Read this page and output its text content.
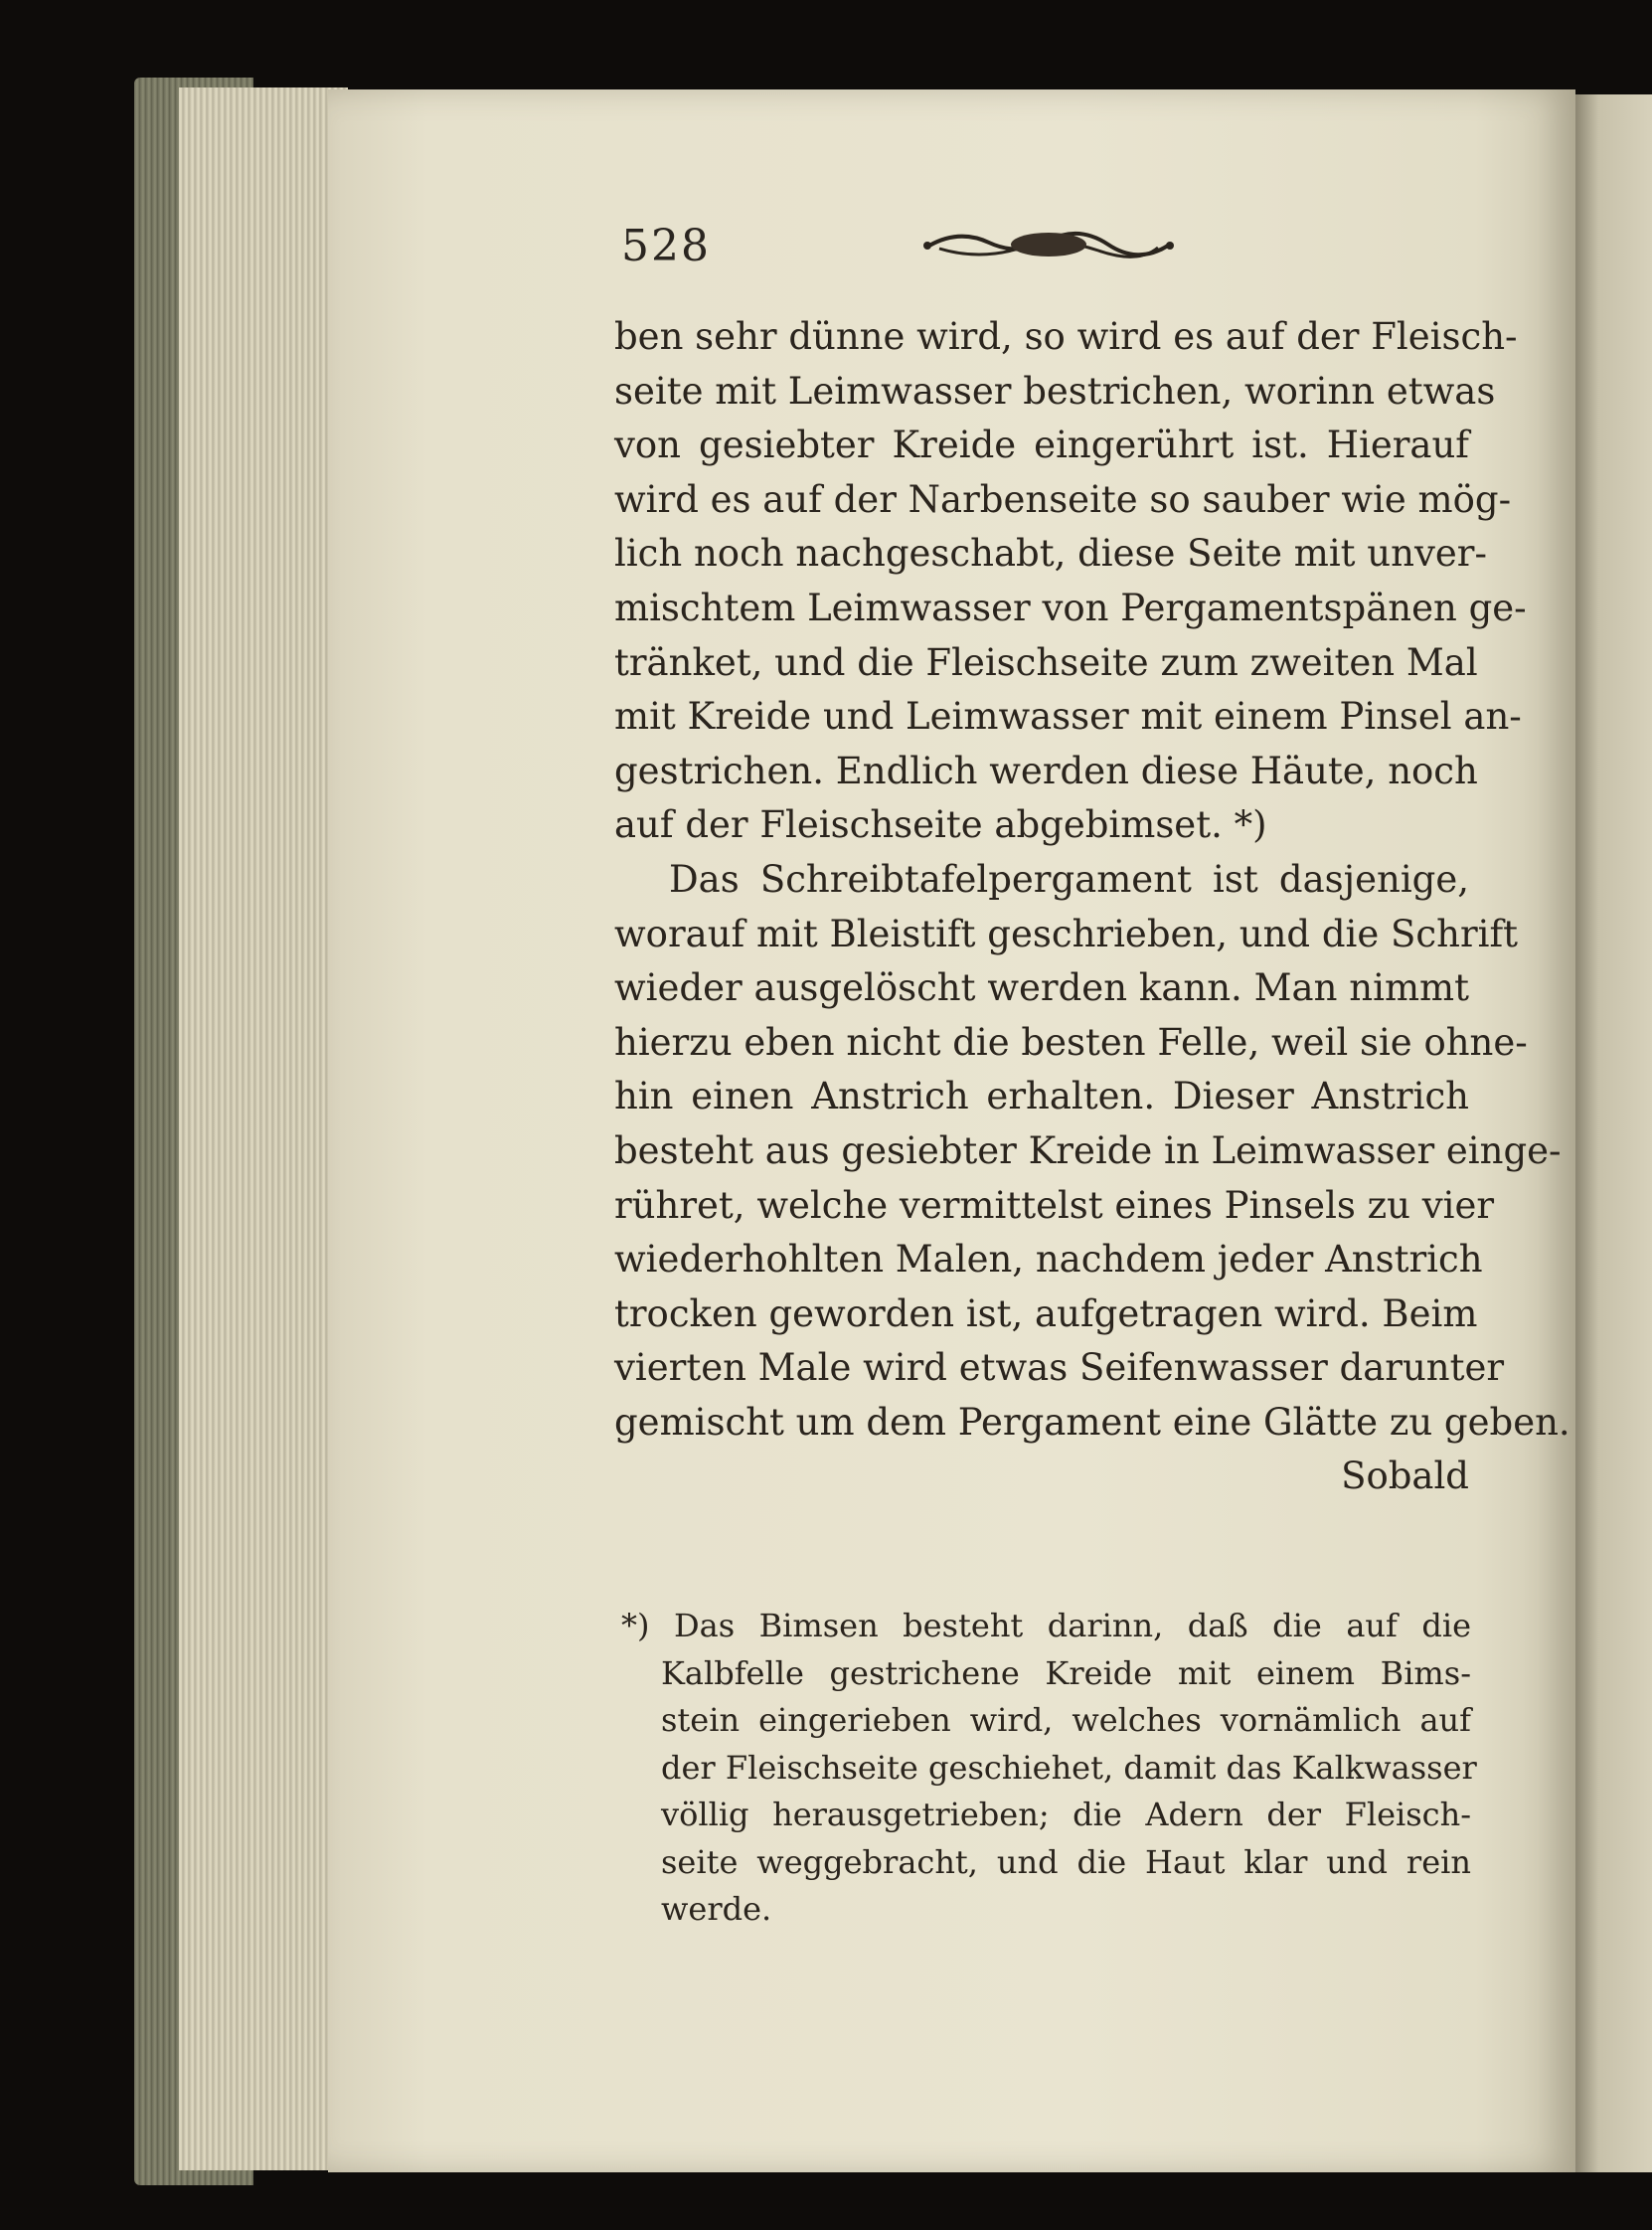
528
ben sehr dünne wird, so wird es auf der Fleisch-
seite mit Leimwasser bestrichen, worinn etwas
von gesiebter Kreide eingerührt ist. Hierauf
wird es auf der Narbenseite so sauber wie mög-
lich noch nachgeschabt, diese Seite mit unver-
mischtem Leimwasser von Pergamentspänen ge-
tränket, und die Fleischseite zum zweiten Mal
mit Kreide und Leimwasser mit einem Pinsel an-
gestrichen. Endlich werden diese Häute, noch
auf der Fleischseite abgebimset. *)
Das Schreibtafelpergament ist dasjenige,
worauf mit Bleistift geschrieben, und die Schrift
wieder ausgelöscht werden kann. Man nimmt
hierzu eben nicht die besten Felle, weil sie ohne-
hin einen Anstrich erhalten. Dieser Anstrich
besteht aus gesiebter Kreide in Leimwasser einge-
rühret, welche vermittelst eines Pinsels zu vier
wiederhohlten Malen, nachdem jeder Anstrich
trocken geworden ist, aufgetragen wird. Beim
vierten Male wird etwas Seifenwasser darunter
gemischt um dem Pergament eine Glätte zu geben.
Sobald
*) Das Bimsen besteht darinn, daß die auf die
Kalbfelle gestrichene Kreide mit einem Bims-
stein eingerieben wird, welches vornämlich auf
der Fleischseite geschiehet, damit das Kalkwasser
völlig herausgetrieben; die Adern der Fleisch-
seite weggebracht, und die Haut klar und rein
werde.
